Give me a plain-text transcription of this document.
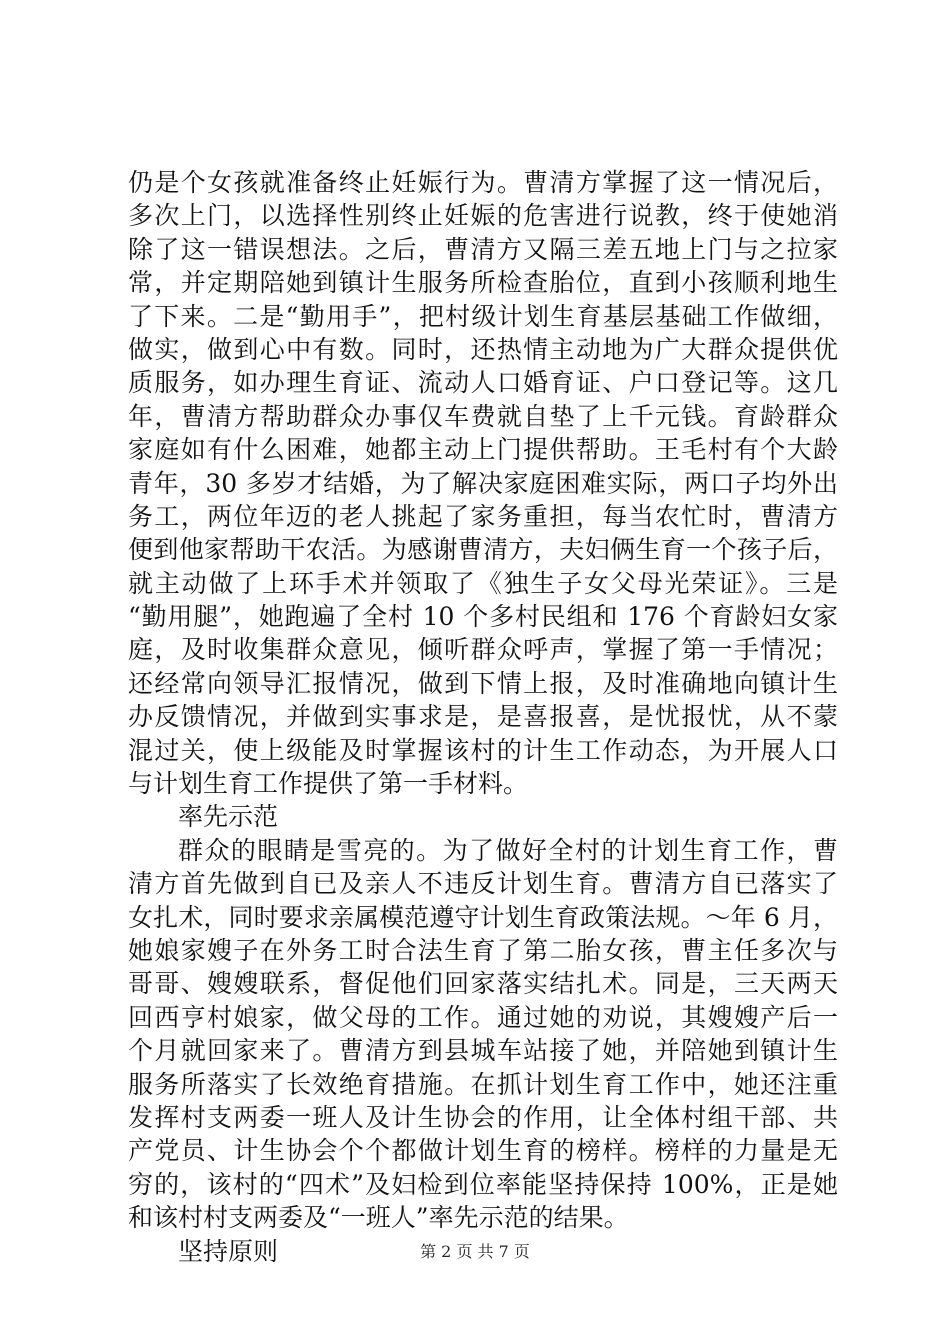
仍是个女孩就准备终止妊娠行为。曹清方掌握了这一情况后，
多次上门，以选择性别终止妊娠的危害进行说教，终于使她消
除了这一错误想法。之后，曹清方又隔三差五地上门与之拉家
常，并定期陪她到镇计生服务所检查胎位，直到小孩顺利地生
了下来。二是“勤用手”，把村级计划生育基层基础工作做细，
做实，做到心中有数。同时，还热情主动地为广大群众提供优
质服务，如办理生育证、流动人口婚育证、户口登记等。这几
年，曹清方帮助群众办事仅车费就自垫了上千元钱。育龄群众
家庭如有什么困难，她都主动上门提供帮助。王毛村有个大龄
青年，30 多岁才结婚，为了解决家庭困难实际，两口子均外出
务工，两位年迈的老人挑起了家务重担，每当农忙时，曹清方
便到他家帮助干农活。为感谢曹清方，夫妇俩生育一个孩子后，
就主动做了上环手术并领取了《独生子女父母光荣证》。三是
“勤用腿”，她跑遍了全村 10 个多村民组和 176 个育龄妇女家
庭，及时收集群众意见，倾听群众呼声，掌握了第一手情况；
还经常向领导汇报情况，做到下情上报，及时准确地向镇计生
办反馈情况，并做到实事求是，是喜报喜，是忧报忧，从不蒙
混过关，使上级能及时掌握该村的计生工作动态，为开展人口
与计划生育工作提供了第一手材料。
率先示范
群众的眼睛是雪亮的。为了做好全村的计划生育工作，曹
清方首先做到自已及亲人不违反计划生育。曹清方自已落实了
女扎术，同时要求亲属模范遵守计划生育政策法规。～年 6 月，
她娘家嫂子在外务工时合法生育了第二胎女孩，曹主任多次与
哥哥、嫂嫂联系，督促他们回家落实结扎术。同是，三天两天
回西亨村娘家，做父母的工作。通过她的劝说，其嫂嫂产后一
个月就回家来了。曹清方到县城车站接了她，并陪她到镇计生
服务所落实了长效绝育措施。在抓计划生育工作中，她还注重
发挥村支两委一班人及计生协会的作用，让全体村组干部、共
产党员、计生协会个个都做计划生育的榜样。榜样的力量是无
穷的，该村的“四术”及妇检到位率能坚持保持 100%，正是她
和该村村支两委及“一班人”率先示范的结果。
坚持原则	第 2 页 共 7 页
